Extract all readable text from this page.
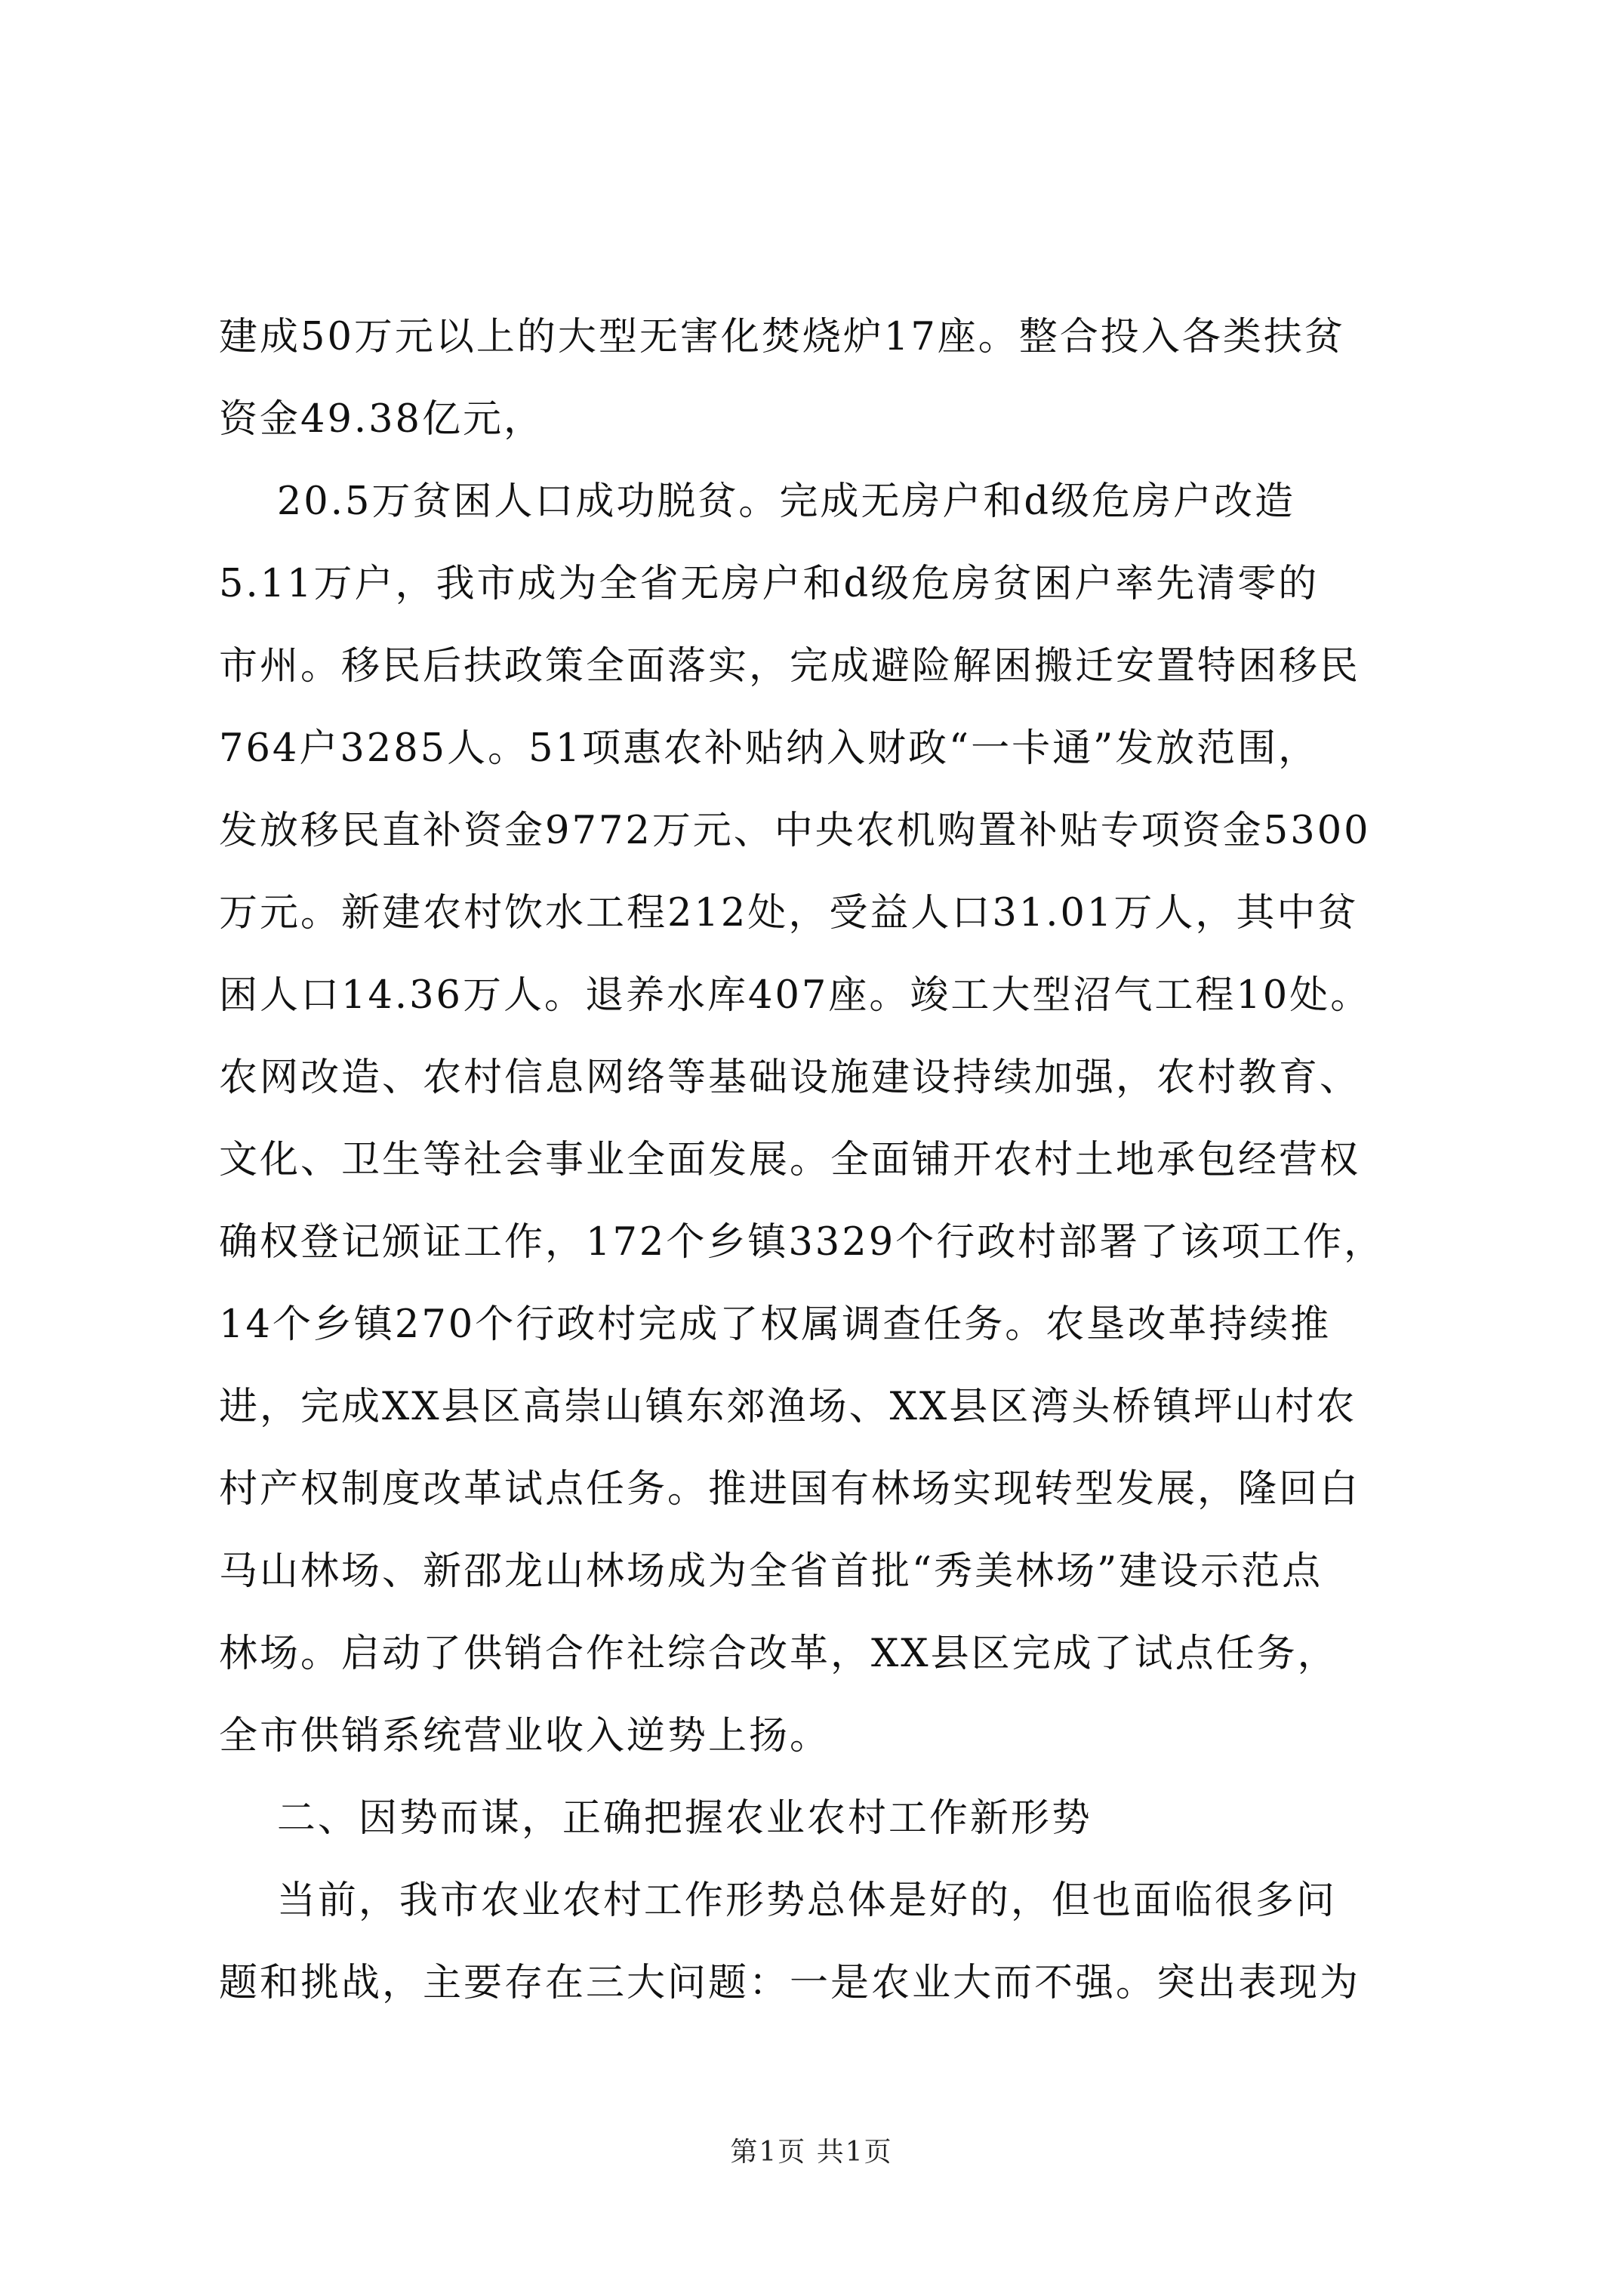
建成50万元以上的大型无害化焚烧炉17座。整合投入各类扶贫
资金49.38亿元，
20.5万贫困人口成功脱贫。完成无房户和d级危房户改造
5.11万户，我市成为全省无房户和d级危房贫困户率先清零的
市州。移民后扶政策全面落实，完成避险解困搬迁安置特困移民
764户3285人。51项惠农补贴纳入财政“一卡通”发放范围，
发放移民直补资金9772万元、中央农机购置补贴专项资金5300
万元。新建农村饮水工程212处，受益人口31.01万人，其中贫
困人口14.36万人。退养水库407座。竣工大型沼气工程10处。
农网改造、农村信息网络等基础设施建设持续加强，农村教育、
文化、卫生等社会事业全面发展。全面铺开农村土地承包经营权
确权登记颁证工作，172个乡镇3329个行政村部署了该项工作，
14个乡镇270个行政村完成了权属调查任务。农垦改革持续推
进，完成XX县区高崇山镇东郊渔场、XX县区湾头桥镇坪山村农
村产权制度改革试点任务。推进国有林场实现转型发展，隆回白
马山林场、新邵龙山林场成为全省首批“秀美林场”建设示范点
林场。启动了供销合作社综合改革，XX县区完成了试点任务，
全市供销系统营业收入逆势上扬。
二、因势而谋，正确把握农业农村工作新形势
当前，我市农业农村工作形势总体是好的，但也面临很多问
题和挑战，主要存在三大问题：一是农业大而不强。突出表现为
第1页 共1页
